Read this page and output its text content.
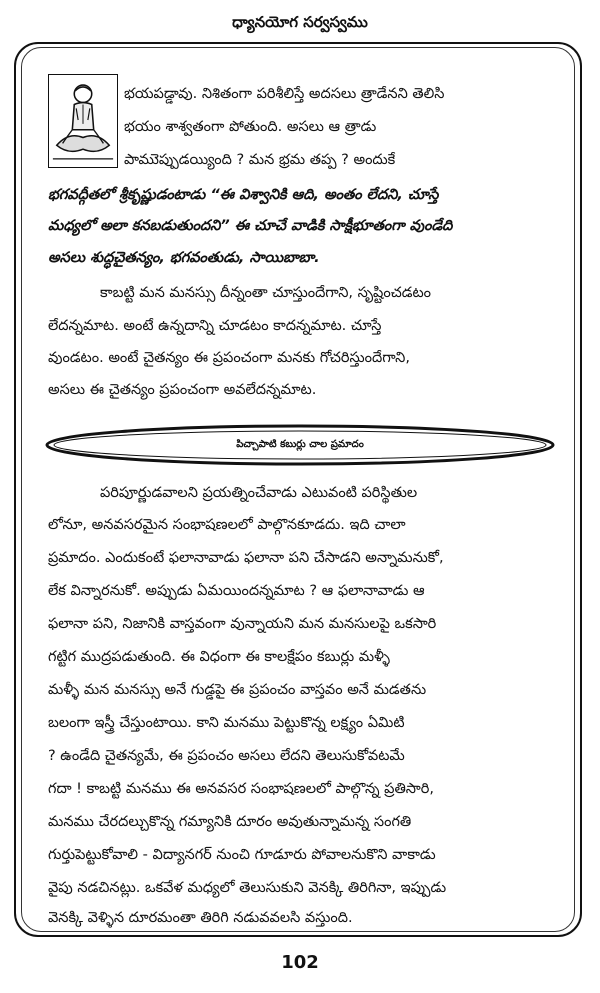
ధ్యానయోగ సర్వస్వము
భయపడ్డావు. నిశితంగా పరిశీలిస్తే అదసలు త్రాడేనని తెలిసి
భయం శాశ్వతంగా పోతుంది. అసలు ఆ త్రాడు
పాముెప్పుడయ్యింది ? మన భ్రమ తప్ప ? అందుకే
భగవద్గీతలో శ్రీకృష్ణుడంటాడు “ఈ విశ్వానికి ఆది, అంతం లేదని, చూస్తే
మధ్యలో అలా కనబడుతుందని” ఈ చూచే వాడికి సాక్షీభూతంగా వుండేది
అసలు శుద్ధచైతన్యం, భగవంతుడు, సాయిబాబా.
కాబట్టి మన మనస్సు దీన్నంతా చూస్తుందేగాని, సృష్టించడటం
లేదన్నమాట. అంటే ఉన్నదాన్ని చూడటం కాదన్నమాట. చూస్తే
వుండటం. అంటే చైతన్యం ఈ ప్రపంచంగా మనకు గోచరిస్తుందేగాని,
అసలు ఈ చైతన్యం ప్రపంచంగా అవలేదన్నమాట.
పిచ్చాపాటి కబుర్లు చాల ప్రమాదం
పరిపూర్ణుడవాలని ప్రయత్నించేవాడు ఎటువంటి పరిస్థితుల
లోనూ, అనవసరమైన సంభాషణలలో పాల్గొనకూడదు. ఇది చాలా
ప్రమాదం. ఎందుకంటే ఫలానావాడు ఫలానా పని చేసాడని అన్నామనుకో,
లేక విన్నారనుకో. అప్పుడు ఏమయిందన్నమాట ? ఆ ఫలానావాడు ఆ
ఫలానా పని, నిజానికి వాస్తవంగా వున్నాయని మన మనసులపై ఒకసారి
గట్టిగ ముద్రపడుతుంది. ఈ విధంగా ఈ కాలక్షేపం కబుర్లు మళ్ళీ
మళ్ళీ మన మనస్సు అనే గుడ్డపై ఈ ప్రపంచం వాస్తవం అనే మడతను
బలంగా ఇస్త్రీ చేస్తుంటాయి. కాని మనము పెట్టుకొన్న లక్ష్యం ఏమిటి
? ఉండేది చైతన్యమే, ఈ ప్రపంచం అసలు లేదని తెలుసుకోవటమే
గదా ! కాబట్టి మనము ఈ అనవసర సంభాషణలలో పాల్గొన్న ప్రతిసారి,
మనము చేరదల్చుకొన్న గమ్యానికి దూరం అవుతున్నామన్న సంగతి
గుర్తుపెట్టుకోవాలి - విద్యానగర్ నుంచి గూడూరు పోవాలనుకొని వాకాడు
వైపు నడచినట్లు. ఒకవేళ మధ్యలో తెలుసుకుని వెనక్కి తిరిగినా, ఇప్పుడు
వెనక్కి వెళ్ళిన దూరమంతా తిరిగి నడువవలసి వస్తుంది.
102
